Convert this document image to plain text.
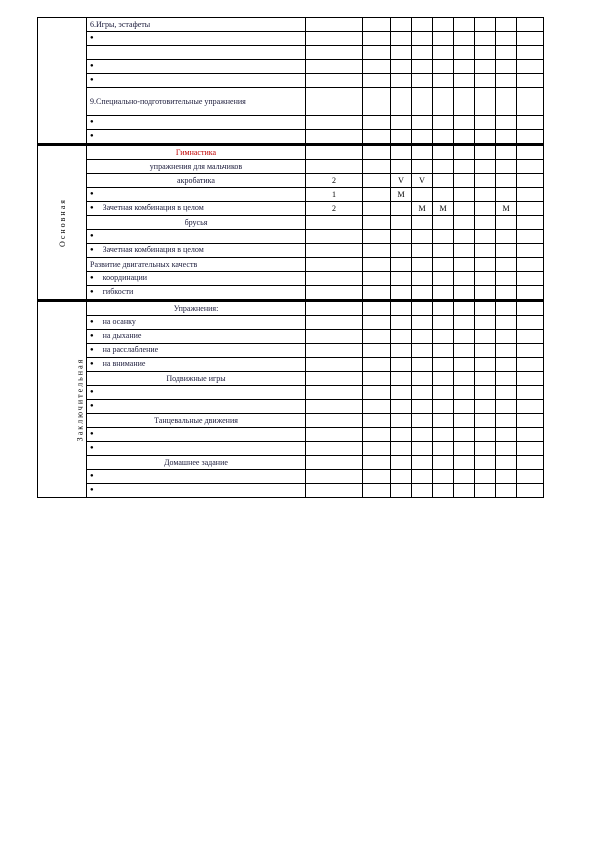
	6.Игры, эстафеты									
●									

●									
●									
	9.Специально-подготовительные упражнения									
●									
●									
Основная	Гимнастика									
	упражнения для мальчиков									
	акробатика	2		V	V					
●	1		M						
● Зачетная комбинация в целом	2			M	M			M	
	брусья									
●									
● Зачетная комбинация в целом									
	Развитие двигательных качеств									
● координации									
● гибкости									
Заключительная	Упражнения:									
● на осанку									
● на дыхание									
● на расслабление									
● на внимание									
	Подвижные игры									
●									
●									
	Танцевальные движения									
●									
●									
	Домашнее задание									
●									
●									
